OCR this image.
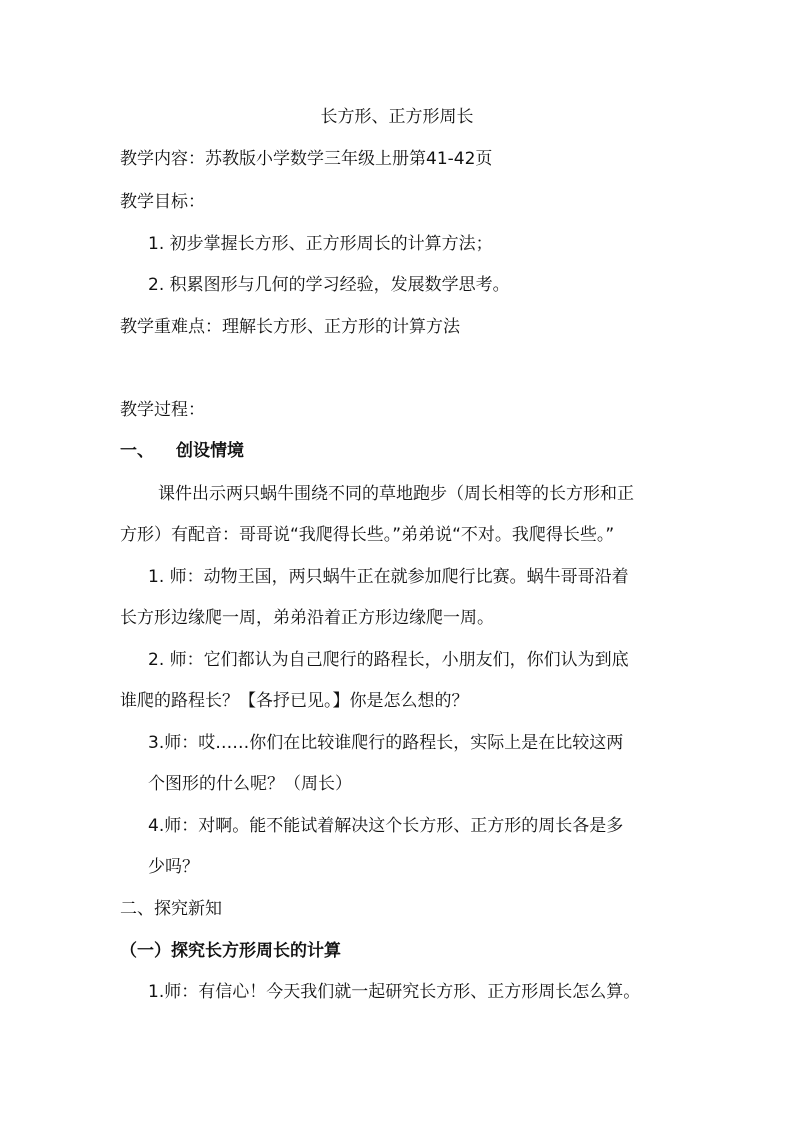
长方形、正方形周长
教学内容：苏教版小学数学三年级上册第41-42页
教学目标：
1. 初步掌握长方形、正方形周长的计算方法；
2. 积累图形与几何的学习经验，发展数学思考。
教学重难点：理解长方形、正方形的计算方法
教学过程：
一、 创设情境
课件出示两只蜗牛围绕不同的草地跑步（周长相等的长方形和正
方形）有配音：哥哥说“我爬得长些。”弟弟说“不对。我爬得长些。”
1. 师：动物王国，两只蜗牛正在就参加爬行比赛。蜗牛哥哥沿着
长方形边缘爬一周，弟弟沿着正方形边缘爬一周。
2. 师：它们都认为自己爬行的路程长，小朋友们，你们认为到底
谁爬的路程长？【各抒已见。】你是怎么想的？
3.师：哎……你们在比较谁爬行的路程长，实际上是在比较这两
个图形的什么呢？（周长）
4.师：对啊。能不能试着解决这个长方形、正方形的周长各是多
少吗？
二、探究新知
（一）探究长方形周长的计算
1.师：有信心！今天我们就一起研究长方形、正方形周长怎么算。
